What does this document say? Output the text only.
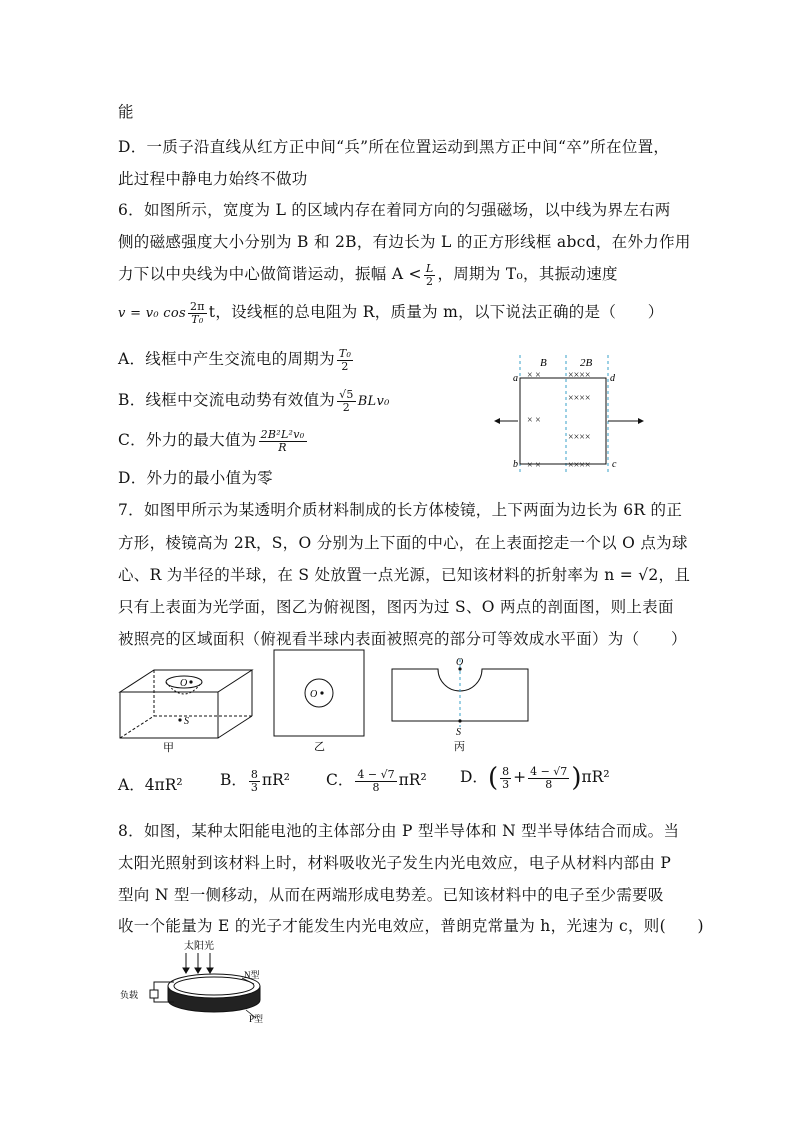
能
D．一质子沿直线从红方正中间“兵”所在位置运动到黑方正中间“卒”所在位置，
此过程中静电力始终不做功
6．如图所示，宽度为 L 的区域内存在着同方向的匀强磁场，以中线为界左右两
侧的磁感强度大小分别为 B 和 2B，有边长为 L 的正方形线框 abcd，在外力作用
力下以中央线为中心做简谐运动，振幅 $A < \frac{L}{2}$ ，周期为 T₀，其振动速度
v = v₀ $\cos \frac{2\pi}{\text{T₀}}$ t，设线框的总电阻为 R，质量为 m，以下说法正确的是（　　）
A．线框中产生交流电的周期为 $\frac{\text{T₀}}{2}$
B．线框中交流电动势有效值为 $\frac{√5}{2} BLv_0$
C．外力的最大值为 $\frac{\text{2B²L²v₀}}{R}$
D．外力的最小值为零
B	2B
a	d
b	c
× ×
× ×
× ×
××××
××××
××××
××××
7．如图甲所示为某透明介质材料制成的长方体棱镜，上下两面为边长为 6R 的正
方形，棱镜高为 2R，S，O 分别为上下面的中心，在上表面挖走一个以 O 点为球
心、R 为半径的半球，在 S 处放置一点光源，已知该材料的折射率为 n = √2，且
只有上表面为光学面，图乙为俯视图，图丙为过 S、O 两点的剖面图，则上表面
被照亮的区域面积（俯视看半球内表面被照亮的部分可等效成水平面）为（　　）
O
S
甲
O
乙
O
S
丙
A．4πR² B． $\frac{8}{3} \pi R^2$ C． $\frac{4 - √7}{8} \pi R^2$ D．( $\frac{8}{3} + \frac{4 - √7}{8} )\pi R^2$
8．如图，某种太阳能电池的主体部分由 P 型半导体和 N 型半导体结合而成。当
太阳光照射到该材料上时，材料吸收光子发生内光电效应，电子从材料内部由 P
型向 N 型一侧移动，从而在两端形成电势差。已知该材料中的电子至少需要吸
收一个能量为 E 的光子才能发生内光电效应，普朗克常量为 h，光速为 c，则(　　)
太阳光
负载
N型
P型
